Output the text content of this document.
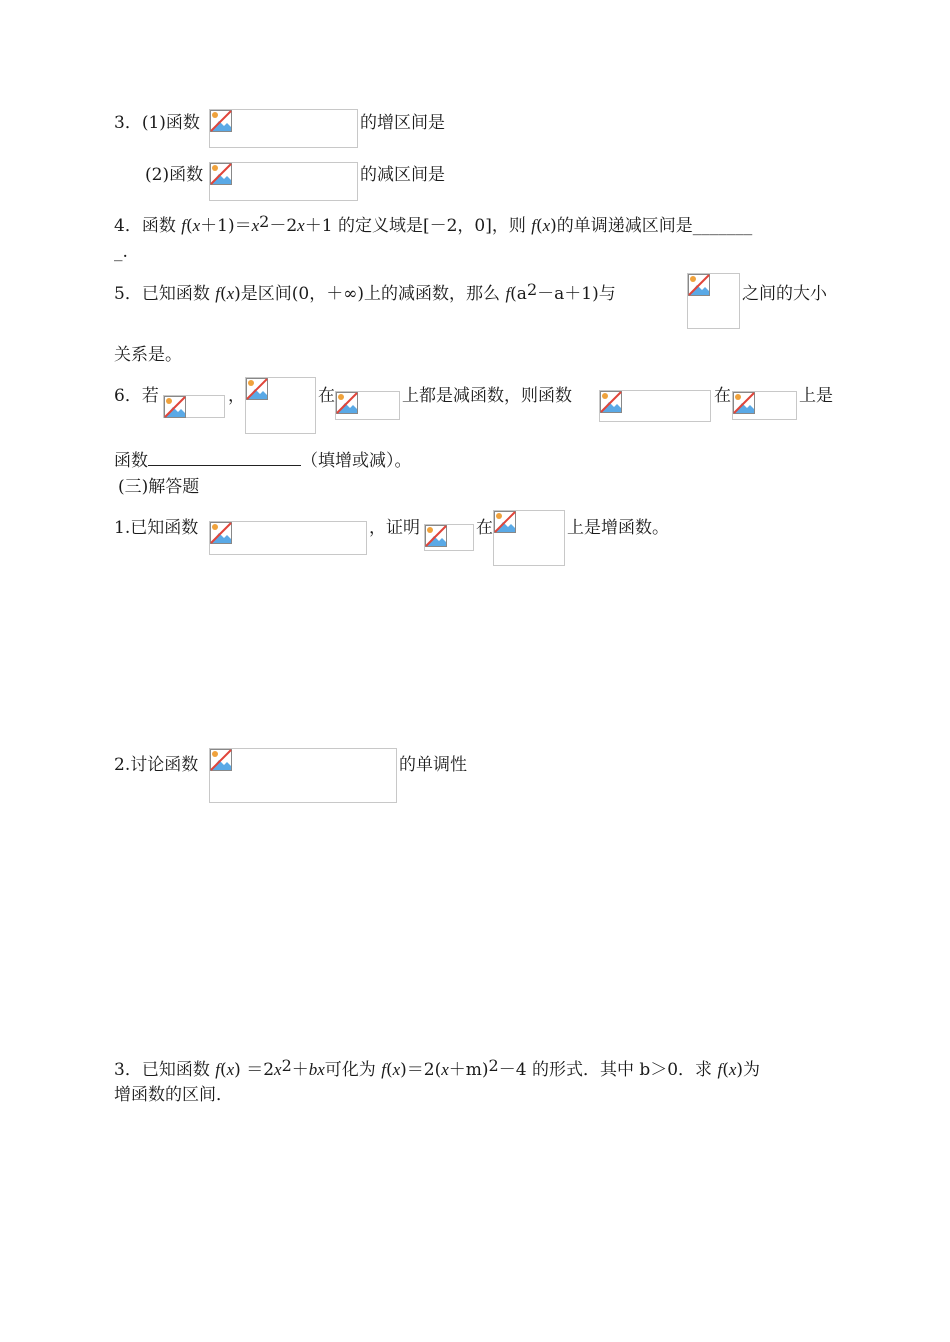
3．(1)函数	的增区间是
(2)函数	的减区间是
4．函数 $f(x+1)=x^2-2x+1$ 的定义域是[－2，0]，则 f(x)的单调递减区间是_______
_.
5．已知函数 f(x)是区间(0，＋∞)上的减函数，那么 $f(a^2-a+1)$与	之间的大小
关系是。
6．若	，	在	上都是减函数，则函数	在	上是
函数	（填增或减）。
(三)解答题
1.已知函数	，证明	在	上是增函数。
2.讨论函数	的单调性
3．已知函数 $f(x) =2x^2+bx$可化为 $f(x)=2(x+m)^2-4$ 的形式．其中 b＞0．求 f(x)为
增函数的区间．
